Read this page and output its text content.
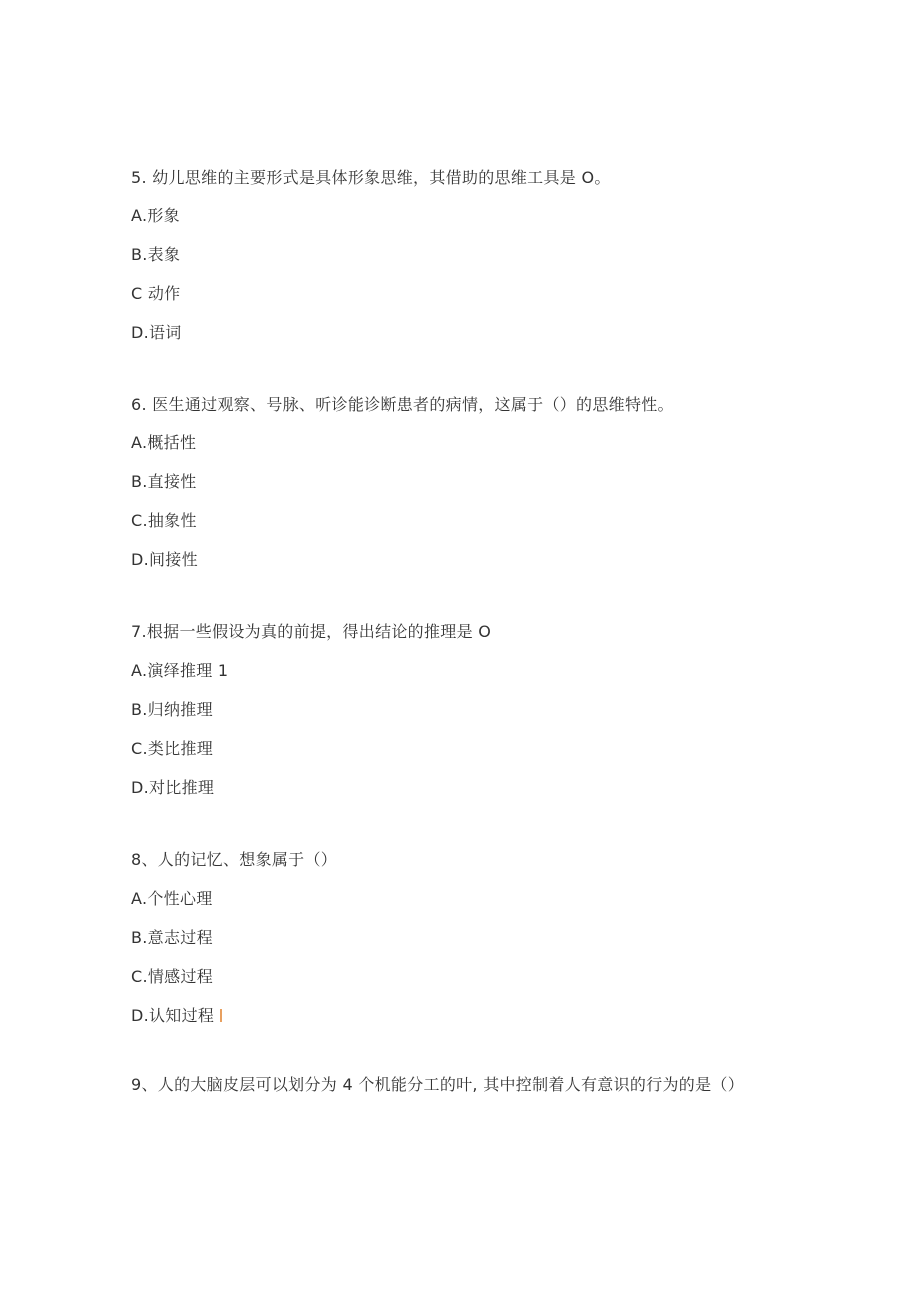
5. 幼儿思维的主要形式是具体形象思维，其借助的思维工具是 O。
A.形象
B.表象
C 动作
D.语词
6. 医生通过观察、号脉、听诊能诊断患者的病情，这属于（）的思维特性。
A.概括性
B.直接性
C.抽象性
D.间接性
7.根据一些假设为真的前提，得出结论的推理是 O
A.演绎推理 1
B.归纳推理
C.类比推理
D.对比推理
8、人的记忆、想象属于（）
A.个性心理
B.意志过程
C.情感过程
D.认知过程
9、人的大脑皮层可以划分为 4 个机能分工的叶, 其中控制着人有意识的行为的是（）
